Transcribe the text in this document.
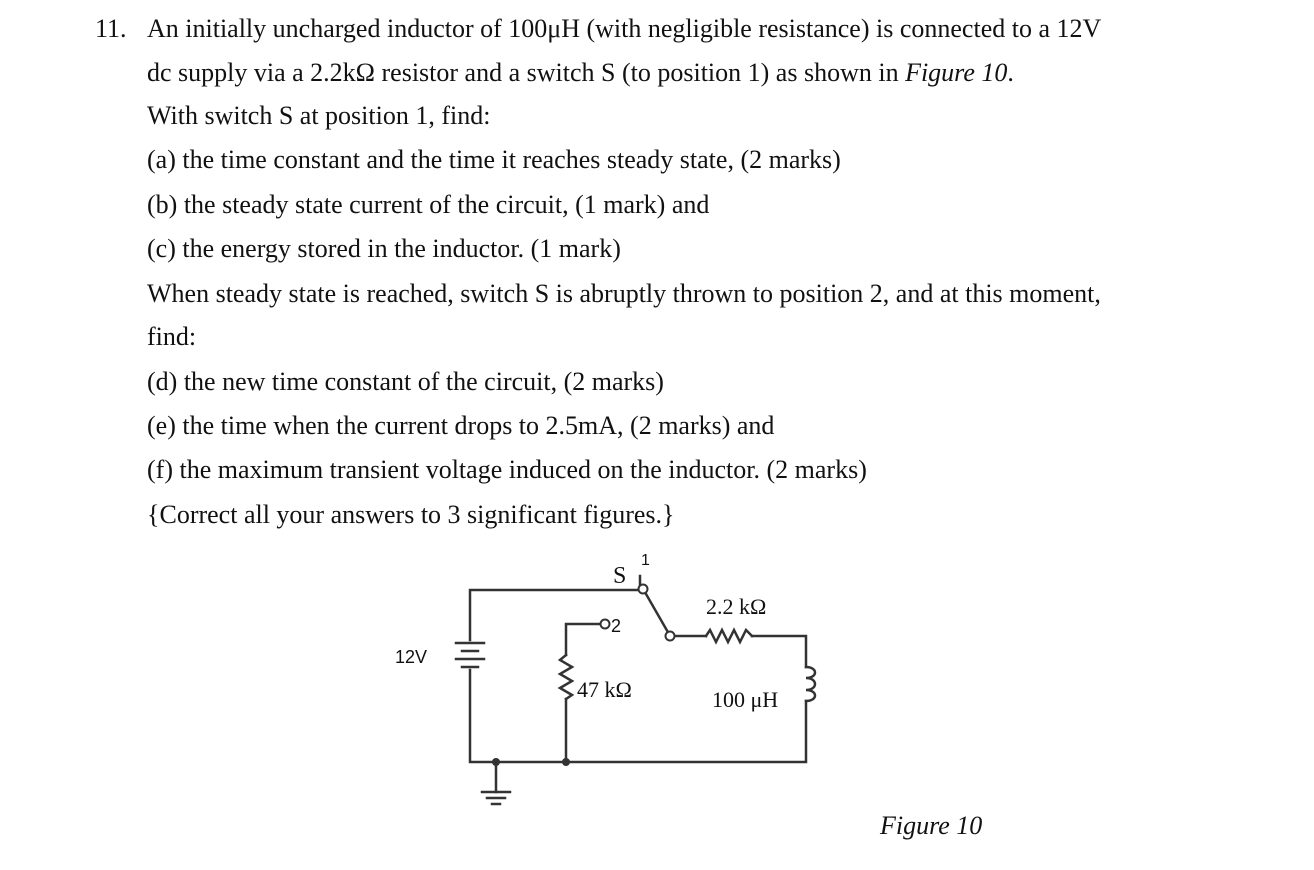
11. An initially uncharged inductor of 100μH (with negligible resistance) is connected to a 12V
dc supply via a 2.2kΩ resistor and a switch S (to position 1) as shown in Figure 10.
With switch S at position 1, find:
(a) the time constant and the time it reaches steady state, (2 marks)
(b) the steady state current of the circuit, (1 mark) and
(c) the energy stored in the inductor. (1 mark)
When steady state is reached, switch S is abruptly thrown to position 2, and at this moment,
find:
(d) the new time constant of the circuit, (2 marks)
(e) the time when the current drops to 2.5mA, (2 marks) and
(f) the maximum transient voltage induced on the inductor. (2 marks)
{Correct all your answers to 3 significant figures.}
S
1
2
12V
2.2 kΩ
47 kΩ	100 μH
Figure 10
